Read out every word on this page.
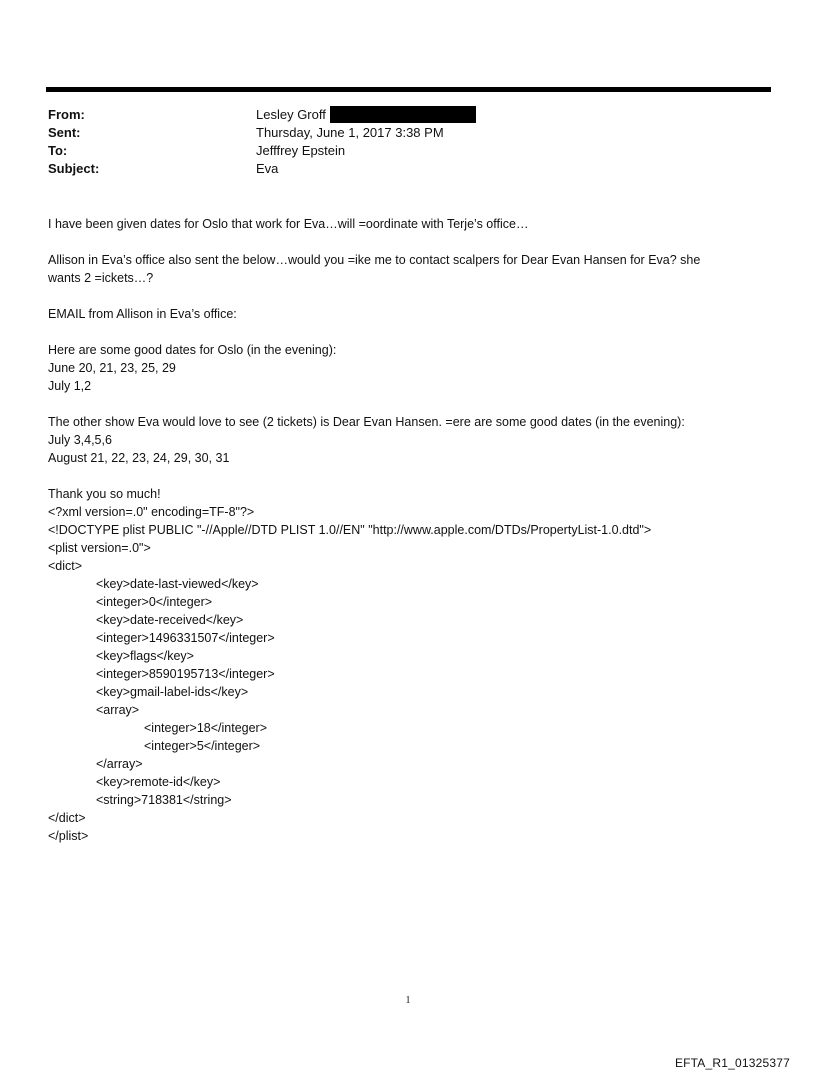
From:	Lesley Groff
Sent:	Thursday, June 1, 2017 3:38 PM
To:	Jefffrey Epstein
Subject:	Eva

I have been given dates for Oslo that work for Eva…will =oordinate with Terje’s office…

Allison in Eva’s office also sent the below…would you =ike me to contact scalpers for Dear Evan Hansen for Eva? she

wants 2 =ickets…?

EMAIL from Allison in Eva’s office:

Here are some good dates for Oslo (in the evening):

June 20, 21, 23, 25, 29

July 1,2

The other show Eva would love to see (2 tickets) is Dear Evan Hansen. =ere are some good dates (in the evening):

July 3,4,5,6

August 21, 22, 23, 24, 29, 30, 31

Thank you so much!

<?xml version=.0" encoding=TF-8"?>

<!DOCTYPE plist PUBLIC "-//Apple//DTD PLIST 1.0//EN" "http://www.apple.com/DTDs/PropertyList-1.0.dtd">

<plist version=.0">

<dict>

<key>date-last-viewed</key>

<integer>0</integer>

<key>date-received</key>

<integer>1496331507</integer>

<key>flags</key>

<integer>8590195713</integer>

<key>gmail-label-ids</key>

<array>

<integer>18</integer>

<integer>5</integer>

</array>

<key>remote-id</key>

<string>718381</string>

</dict>

</plist>

1
EFTA_R1_01325377
